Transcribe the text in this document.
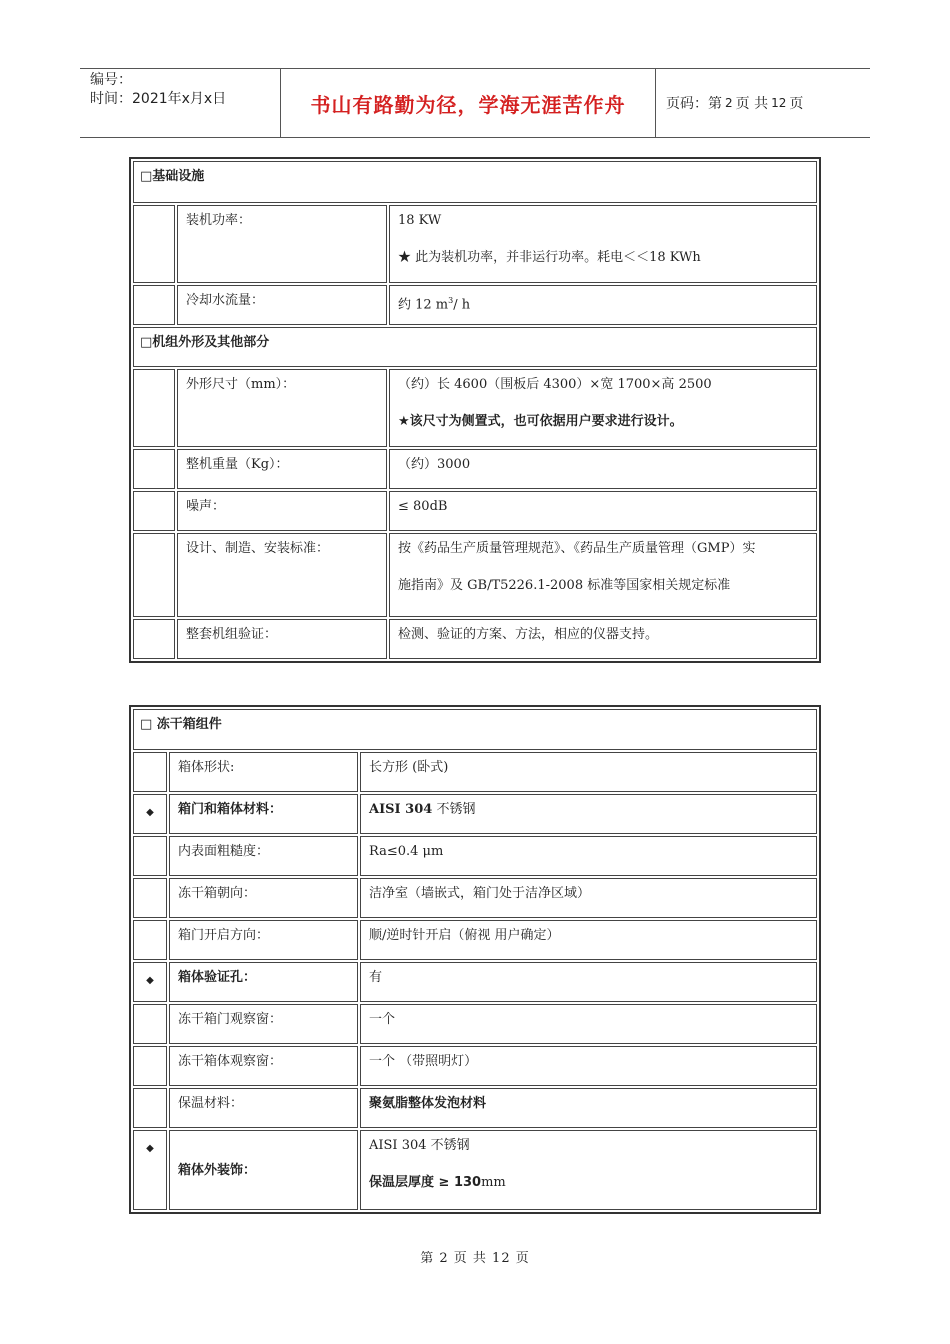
编号：
时间：2021年x月x日	书山有路勤为径，学海无涯苦作舟	页码：第 2 页 共 12 页
□基础设施		
	装机功率：	18 KW
★ 此为装机功率，并非运行功率。耗电＜＜18 KWh

	冷却水流量：	约 12 $m^3/$ h
□机组外形及其他部分		
	外形尺寸（mm）：	（约）长 4600（围板后 4300）×宽 1700×高 2500
★该尺寸为侧置式，也可依据用户要求进行设计。

	整机重量（Kg）：	（约）3000
	噪声：	≤ 80dB
	设计、制造、安装标准：	按《药品生产质量管理规范》、《药品生产质量管理（GMP）实
施指南》及 GB/T5226.1-2008 标准等国家相关规定标准

	整套机组验证：	检测、验证的方案、方法，相应的仪器支持。
□ 冻干箱组件		
	箱体形状:	长方形 (卧式)
◆	箱门和箱体材料：	AISI 304 不锈钢
	内表面粗糙度：	Ra≤0.4 μm
	冻干箱朝向：	洁净室（墙嵌式，箱门处于洁净区域）
	箱门开启方向：	顺/逆时针开启（俯视 用户确定）
◆	箱体验证孔：	有
	冻干箱门观察窗：	一个
	冻干箱体观察窗：	一个 （带照明灯）
	保温材料：	聚氨脂整体发泡材料
◆	箱体外装饰：	AISI 304 不锈钢
保温层厚度 ≥ 130mm
第 2 页 共 12 页
